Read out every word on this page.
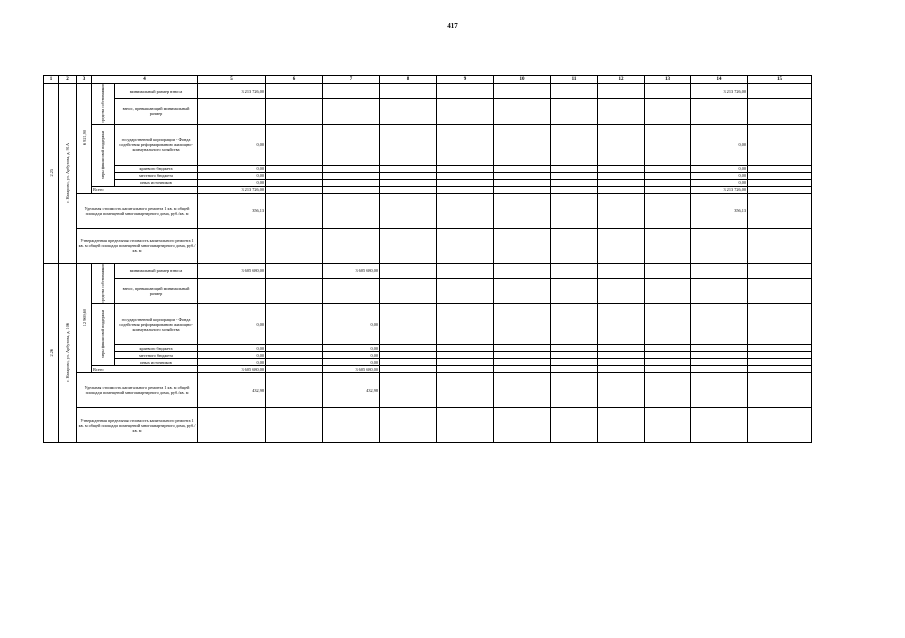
417
1	2	3	4		5	6	7	8	9	10	11	12	13	14	15
2.25	г. Назарово, ул. Арбузова, д. 91А	6 921,90	средства собственников	минимальный размер взноса	3 213 726,00									3 213 726,00	
				взнос, превышающий минимальный размер											
			меры финансовой поддержки	государственной корпорации - Фонда содействия реформированию жилищно-коммунального хозяйства	0,00									0,00	
				краевого бюджета	0,00									0,00	
				местного бюджета	0,00									0,00	
				иных источников	0,00									0,00	
			Всего		3 213 726,00									3 213 726,00	
		Удельная стоимость капитального ремонта 1 кв. м общей площади помещений многоквартирного дома, руб./кв. м			356,13									356,13	
		Утвержденная предельная стоимость капитального ремонта 1 кв. м общей площади помещений многоквартирного дома, руб./кв. м													
2.26	г. Назарово, ул. Арбузова, д. 106	12 969,60	средства собственников	минимальный размер взноса	3 605 680,00		3 605 680,00								
				взнос, превышающий минимальный размер											
			меры финансовой поддержки	государственной корпорации - Фонда содействия реформированию жилищно-коммунального хозяйства	0,00		0,00								
				краевого бюджета	0,00		0,00								
				местного бюджета	0,00		0,00								
				иных источников	0,00		0,00								
			Всего		3 605 680,00		3 605 680,00								
		Удельная стоимость капитального ремонта 1 кв. м общей площади помещений многоквартирного дома, руб./кв. м			432,98		432,98								
		Утвержденная предельная стоимость капитального ремонта 1 кв. м общей площади помещений многоквартирного дома, руб./кв. м													
